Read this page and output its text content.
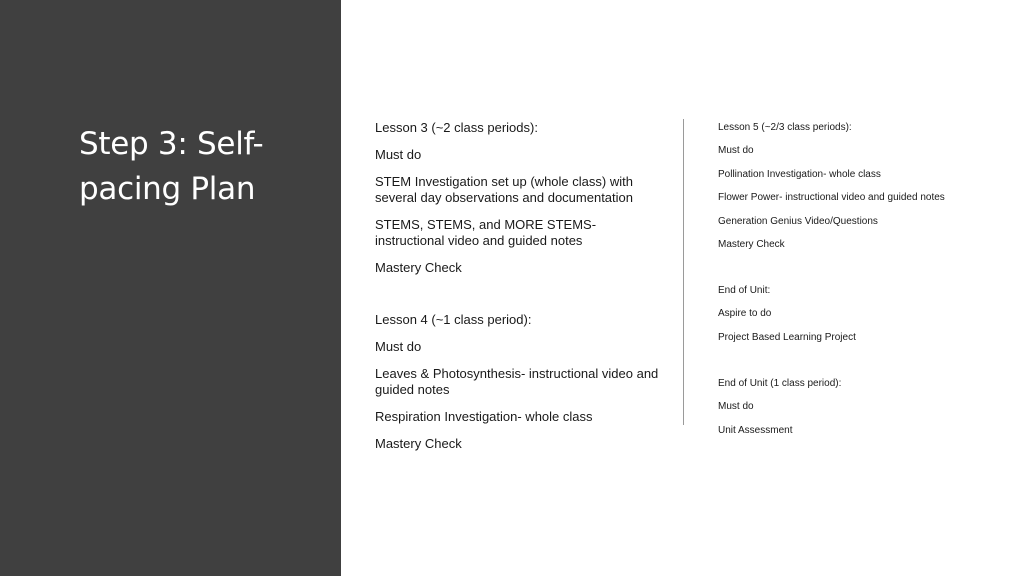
Step 3: Self-pacing Plan

Lesson 3 (~2 class periods):

Must do

STEM Investigation set up (whole class) with several day observations and documentation

STEMS, STEMS, and MORE STEMS- instructional video and guided notes

Mastery Check

Lesson 4 (~1 class period):

Must do

Leaves & Photosynthesis- instructional video and guided notes

Respiration Investigation- whole class

Mastery Check

Lesson 5 (~2/3 class periods):

Must do

Pollination Investigation- whole class

Flower Power- instructional video and guided notes

Generation Genius Video/Questions

Mastery Check

End of Unit:

Aspire to do

Project Based Learning Project

End of Unit (1 class period):

Must do

Unit Assessment
